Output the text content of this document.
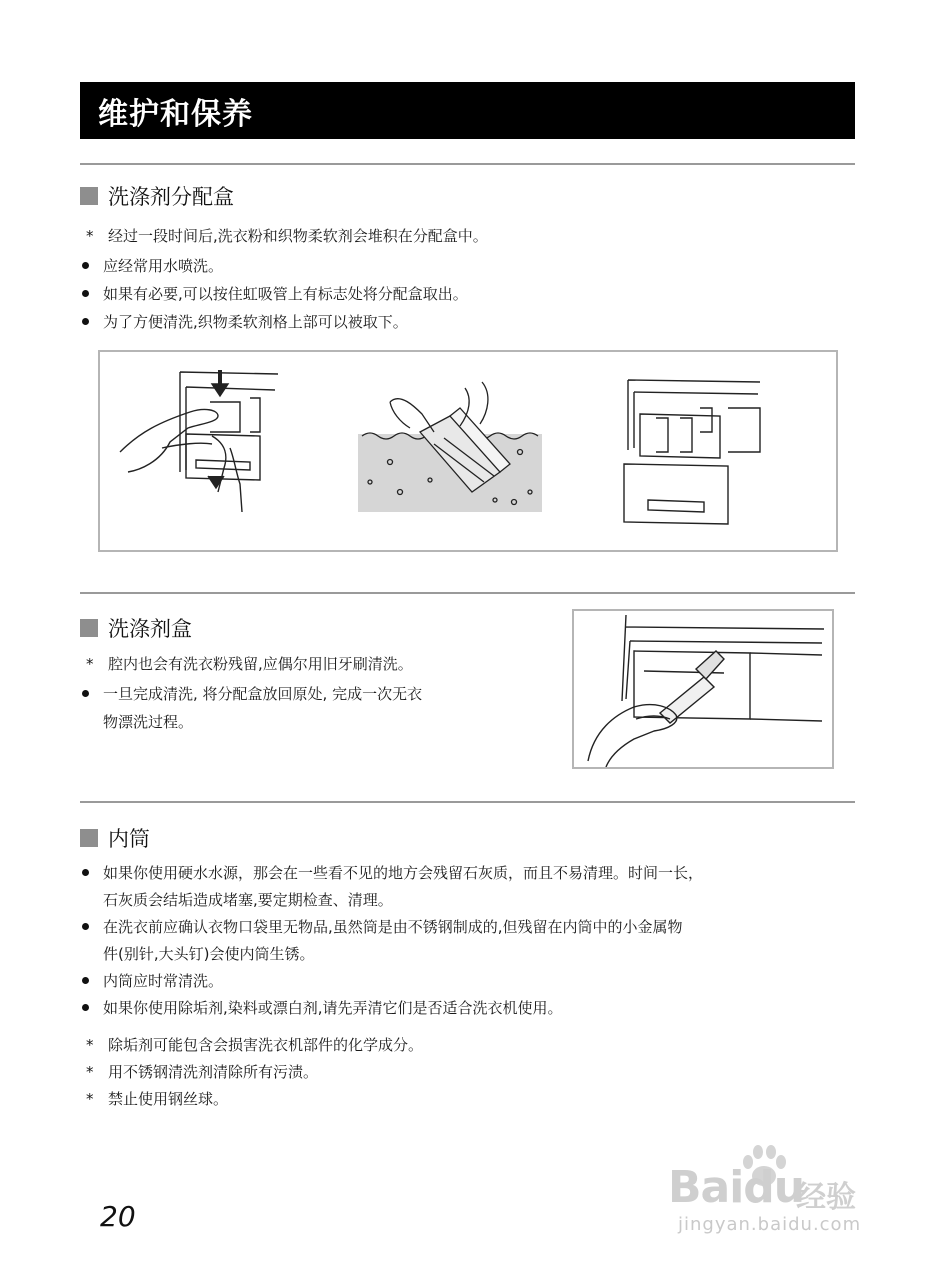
维护和保养
洗涤剂分配盒
* 经过一段时间后,洗衣粉和织物柔软剂会堆积在分配盒中。
应经常用水喷洗。
如果有必要,可以按住虹吸管上有标志处将分配盒取出。
为了方便清洗,织物柔软剂格上部可以被取下。
洗涤剂盒
* 腔内也会有洗衣粉残留,应偶尔用旧牙刷清洗。
一旦完成清洗, 将分配盒放回原处, 完成一次无衣
物漂洗过程。
内筒
如果你使用硬水水源，那会在一些看不见的地方会残留石灰质，而且不易清理。时间一长，
石灰质会结垢造成堵塞,要定期检查、清理。
在洗衣前应确认衣物口袋里无物品,虽然筒是由不锈钢制成的,但残留在内筒中的小金属物
件(别针,大头钉)会使内筒生锈。
内筒应时常清洗。
如果你使用除垢剂,染料或漂白剂,请先弄清它们是否适合洗衣机使用。
* 除垢剂可能包含会损害洗衣机部件的化学成分。
* 用不锈钢清洗剂清除所有污渍。
* 禁止使用钢丝球。
20
Baidu
经验
jingyan.baidu.com
